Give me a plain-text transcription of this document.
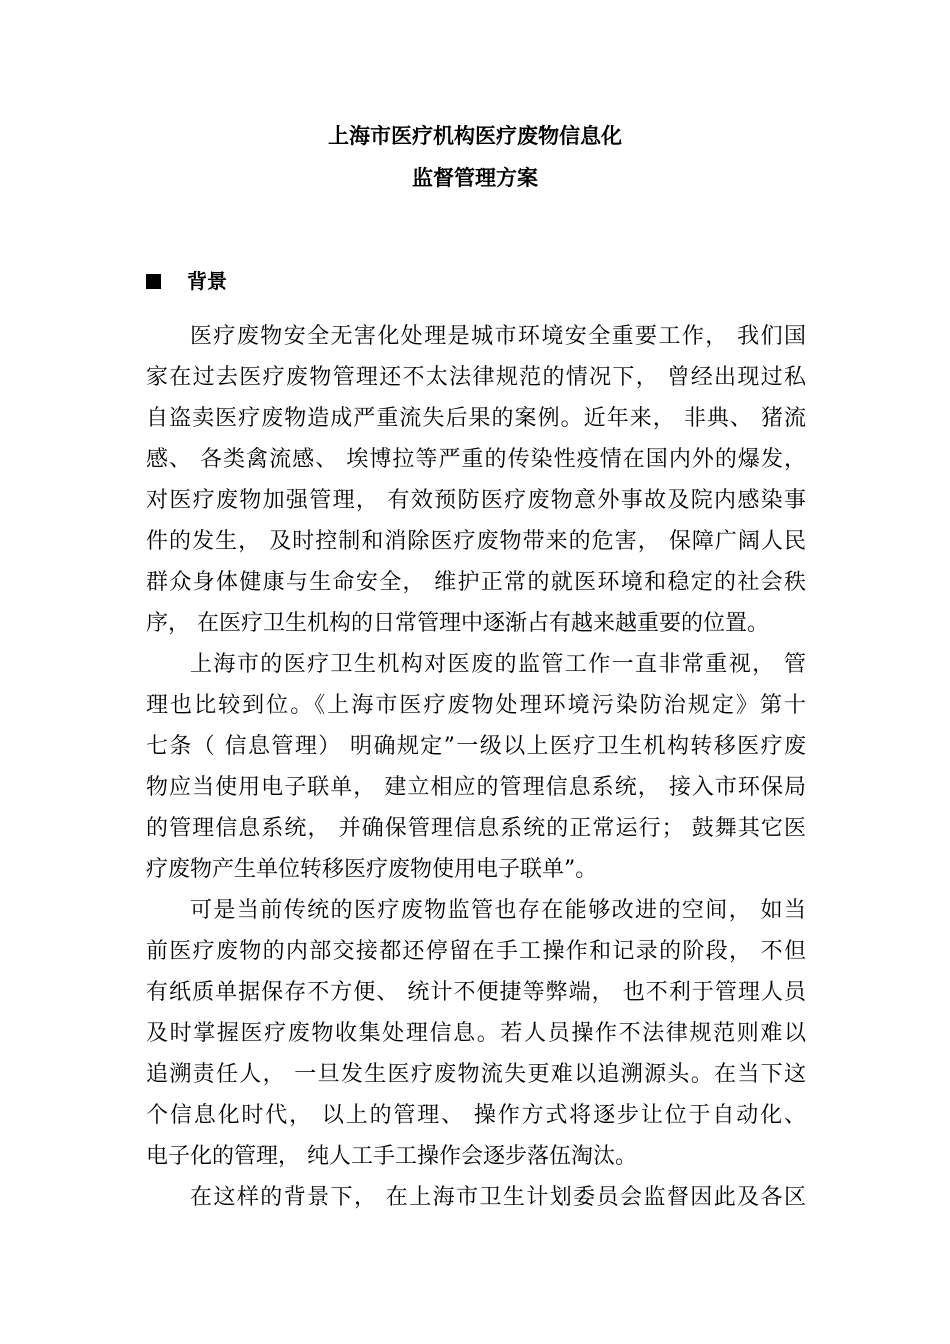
上海市医疗机构医疗废物信息化
监督管理方案
背景
医疗废物安全无害化处理是城市环境安全重要工作， 我们国
家在过去医疗废物管理还不太法律规范的情况下， 曾经出现过私
自盗卖医疗废物造成严重流失后果的案例。近年来， 非典、 猪流
感、 各类禽流感、 埃博拉等严重的传染性疫情在国内外的爆发，
对医疗废物加强管理， 有效预防医疗废物意外事故及院内感染事
件的发生， 及时控制和消除医疗废物带来的危害， 保障广阔人民
群众身体健康与生命安全， 维护正常的就医环境和稳定的社会秩
序， 在医疗卫生机构的日常管理中逐渐占有越来越重要的位置。
上海市的医疗卫生机构对医废的监管工作一直非常重视， 管
理也比较到位。《上海市医疗废物处理环境污染防治规定》第十
七条（ 信息管理） 明确规定”一级以上医疗卫生机构转移医疗废
物应当使用电子联单， 建立相应的管理信息系统， 接入市环保局
的管理信息系统， 并确保管理信息系统的正常运行； 鼓舞其它医
疗废物产生单位转移医疗废物使用电子联单”。
可是当前传统的医疗废物监管也存在能够改进的空间， 如当
前医疗废物的内部交接都还停留在手工操作和记录的阶段， 不但
有纸质单据保存不方便、 统计不便捷等弊端， 也不利于管理人员
及时掌握医疗废物收集处理信息。若人员操作不法律规范则难以
追溯责任人， 一旦发生医疗废物流失更难以追溯源头。在当下这
个信息化时代， 以上的管理、 操作方式将逐步让位于自动化、
电子化的管理， 纯人工手工操作会逐步落伍淘汰。
在这样的背景下， 在上海市卫生计划委员会监督因此及各区
